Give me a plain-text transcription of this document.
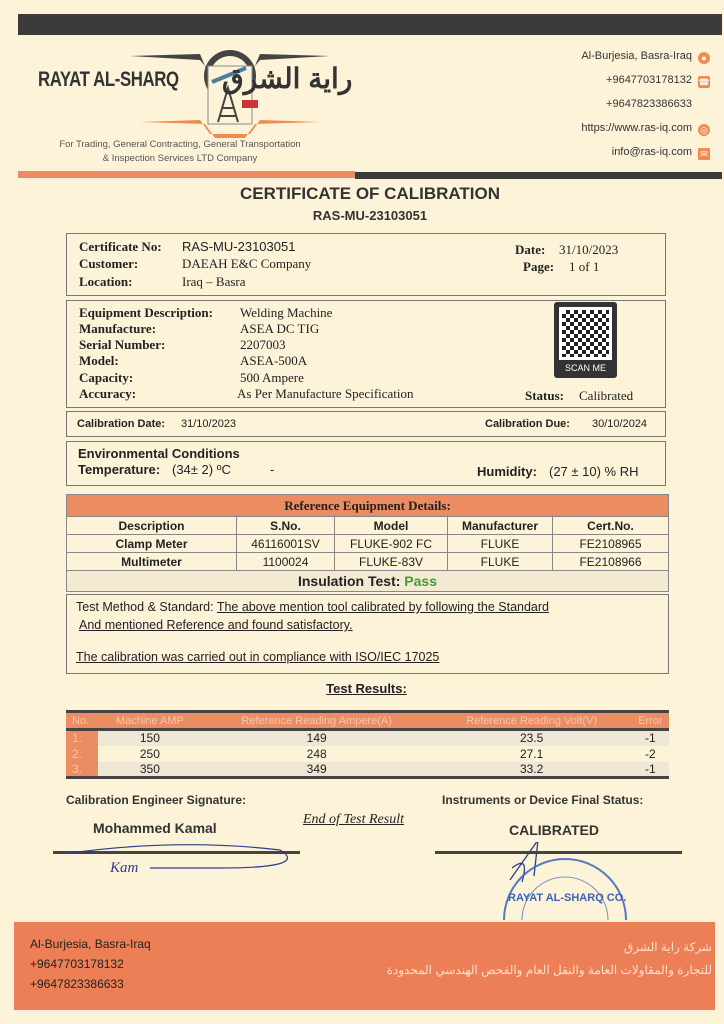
RAYAT AL-SHARQ راية الشرق
For Trading, General Contracting, General Transportation
& Inspection Services LTD Company
Al-Burjesia, Basra-Iraq	●
+9647703178132 ☎
+9647823386633
https://www.ras-iq.com ◎
info@ras-iq.com ✉
CERTIFICATE OF CALIBRATION
RAS-MU-23103051
Certificate No: RAS-MU-23103051
Customer:	DAEAH E&C Company
Location:	Iraq – Basra
Date: 31/10/2023
Page: 1 of 1
Equipment Description: Welding Machine
Manufacture:	ASEA DC TIG
Serial Number:	2207003
Model:	ASEA-500A
Capacity:	500 Ampere
Accuracy:	As Per Manufacture Specification
SCAN ME
Status: Calibrated
Calibration Date: 31/10/2023	Calibration Due: 30/10/2024
Environmental Conditions
Temperature: (34± 2) ºC	-	Humidity: (27 ± 10) % RH
Reference Equipment Details:				
Description	S.No.	Model	Manufacturer	Cert.No.
Clamp Meter	46116001SV	FLUKE-902 FC	FLUKE	FE2108965
Multimeter	1100024	FLUKE-83V	FLUKE	FE2108966
Insulation Test: Pass				
Test Method & Standard: The above mention tool calibrated by following the Standard
And mentioned Reference and found satisfactory.
The calibration was carried out in compliance with ISO/IEC 17025
Test Results:
No.	Machine AMP	Reference Reading Ampere(A)	Reference Reading Volt(V)	Error
1.	150	149	23.5	-1
2.	250	248	27.1	-2
3.	350	349	33.2	-1
Kam
Calibration Engineer Signature:
Mohammed Kamal
End of Test Result
Instruments or Device Final Status:
CALIBRATED
RAYAT AL-SHARQ CO.
Al-Burjesia, Basra-Iraq
+9647703178132
+9647823386633
شركة راية الشرق
للتجارة والمقاولات العامة والنقل العام والفحص الهندسي المحدودة
